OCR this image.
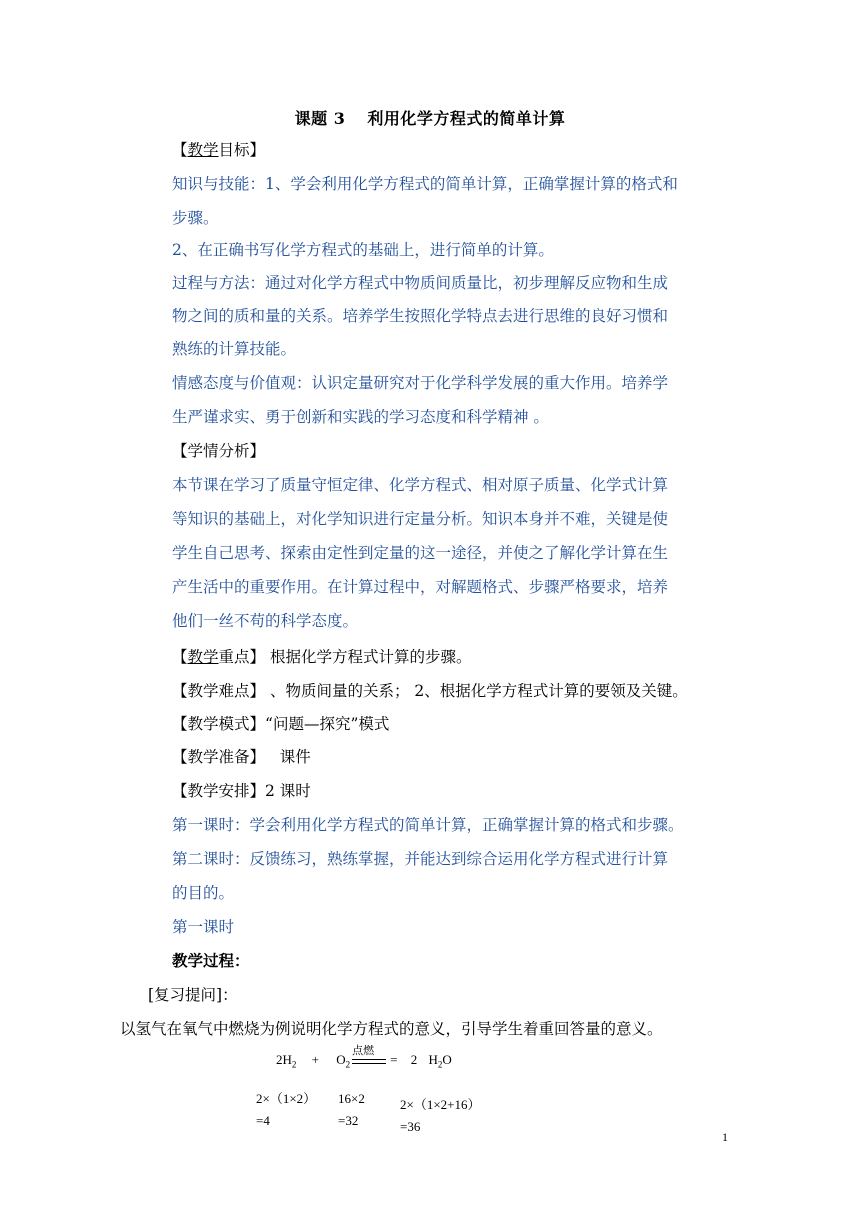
课题 3 利用化学方程式的简单计算
【教学目标】
知识与技能：1、学会利用化学方程式的简单计算，正确掌握计算的格式和
步骤。
2、在正确书写化学方程式的基础上，进行简单的计算。
过程与方法：通过对化学方程式中物质间质量比，初步理解反应物和生成
物之间的质和量的关系。培养学生按照化学特点去进行思维的良好习惯和
熟练的计算技能。
情感态度与价值观：认识定量研究对于化学科学发展的重大作用。培养学
生严谨求实、勇于创新和实践的学习态度和科学精神 。
【学情分析】
本节课在学习了质量守恒定律、化学方程式、相对原子质量、化学式计算
等知识的基础上，对化学知识进行定量分析。知识本身并不难，关键是使
学生自己思考、探索由定性到定量的这一途径，并使之了解化学计算在生
产生活中的重要作用。在计算过程中，对解题格式、步骤严格要求，培养
他们一丝不苟的科学态度。
【教学重点】 根据化学方程式计算的步骤。
【教学难点】 、物质间量的关系； 2、根据化学方程式计算的要领及关键。
【教学模式】“问题—探究”模式
【教学准备】   课件
【教学安排】2 课时
第一课时：学会利用化学方程式的简单计算，正确掌握计算的格式和步骤。
第二课时：反馈练习，熟练掌握，并能达到综合运用化学方程式进行计算
的目的。
第一课时
教学过程：
[复习提问]：
以氢气在氧气中燃烧为例说明化学方程式的意义，引导学生着重回答量的意义。
$2H_2 + O_2$
点燃
= 2 $H_2O$
2×（1×2）
=4
16×2
=32
2×（1×2+16）
=36
1
